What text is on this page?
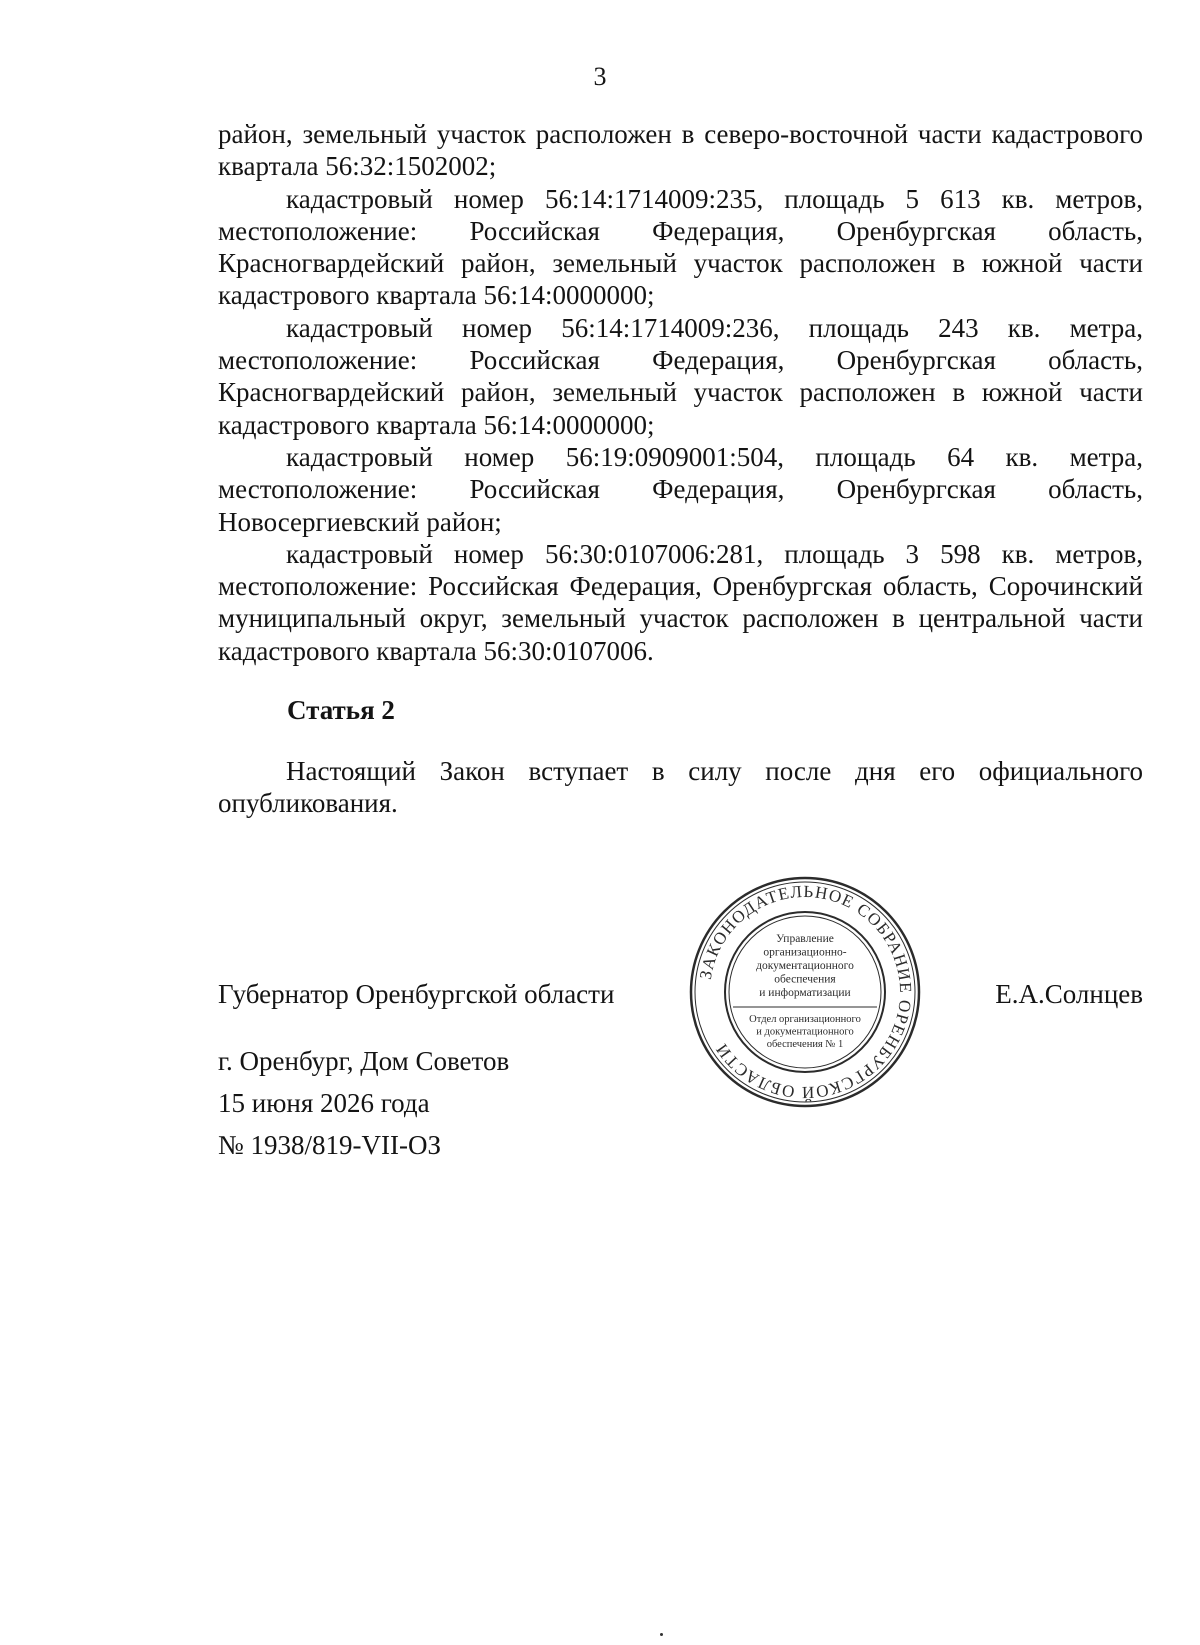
3

район, земельный участок расположен в северо-восточной части кадастрового квартала 56:32:1502002;

кадастровый номер 56:14:1714009:235, площадь 5 613 кв. метров, местоположение: Российская Федерация, Оренбургская область, Красногвардейский район, земельный участок расположен в южной части кадастрового квартала 56:14:0000000;

кадастровый номер 56:14:1714009:236, площадь 243 кв. метра, местоположение: Российская Федерация, Оренбургская область, Красногвардейский район, земельный участок расположен в южной части кадастрового квартала 56:14:0000000;

кадастровый номер 56:19:0909001:504, площадь 64 кв. метра, местоположение: Российская Федерация, Оренбургская область, Новосергиевский район;

кадастровый номер 56:30:0107006:281, площадь 3 598 кв. метров, местоположение: Российская Федерация, Оренбургская область, Сорочинский муниципальный округ, земельный участок расположен в центральной части кадастрового квартала 56:30:0107006.

Статья 2

Настоящий Закон вступает в силу после дня его официального опубликования.

Губернатор Оренбургской области	Е.А.Солнцев
г. Оренбург, Дом Советов
15 июня 2026 года
№ 1938/819-VII-ОЗ
ЗАКОНОДАТЕЛЬНОЕ СОБРАНИЕ ОРЕНБУРГСКОЙ ОБЛАСТИ
Управление
организационно-
документационного
обеспечения
и информатизации
Отдел организационного
и документационного
обеспечения № 1
